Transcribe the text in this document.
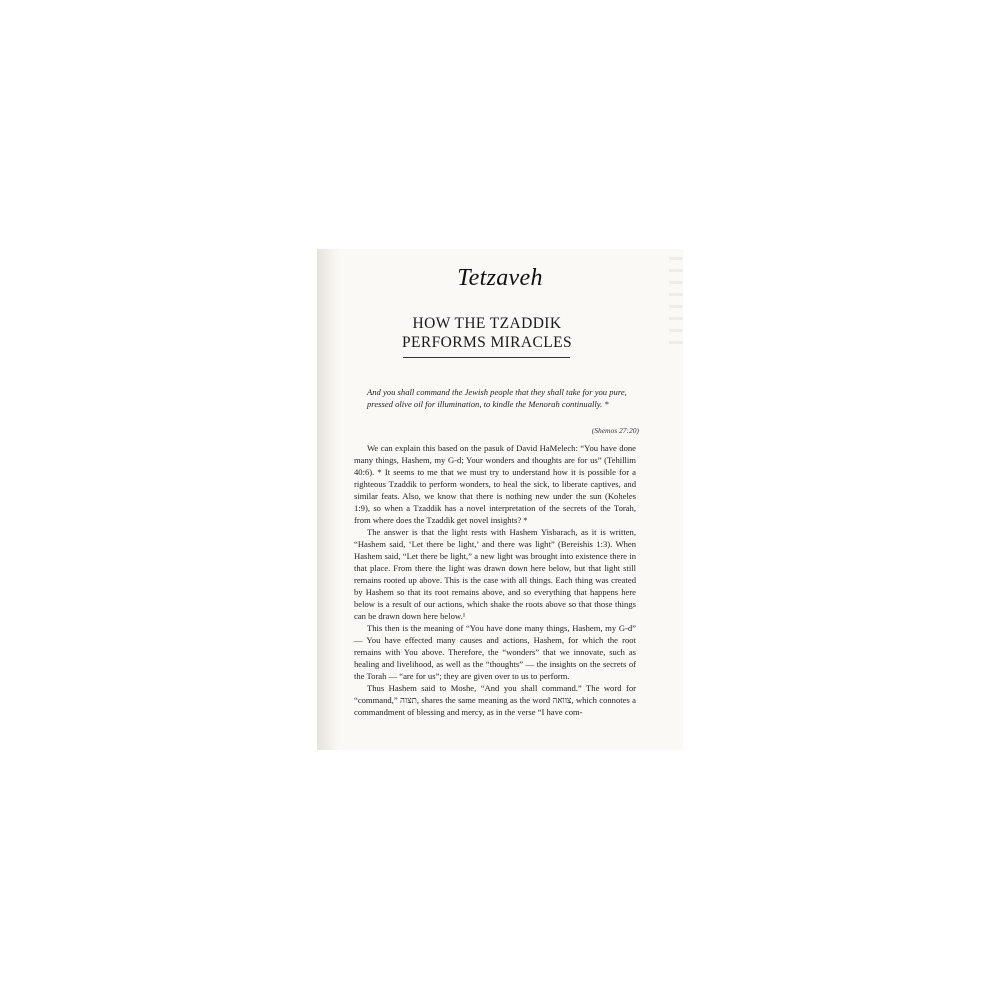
Tetzaveh
HOW THE TZADDIK PERFORMS MIRACLES
And you shall command the Jewish people that they shall take for you pure, pressed olive oil for illumination, to kindle the Menorah continually. *
(Shemos 27:20)

We can explain this based on the pasuk of David HaMelech: “You have done many things, Hashem, my G-d; Your wonders and thoughts are for us” (Tehillim 40:6). * It seems to me that we must try to understand how it is possible for a righteous Tzaddik to perform wonders, to heal the sick, to liberate captives, and similar feats. Also, we know that there is nothing new under the sun (Koheles 1:9), so when a Tzaddik has a novel interpretation of the secrets of the Torah, from where does the Tzaddik get novel insights? *

The answer is that the light rests with Hashem Yisbarach, as it is written, “Hashem said, ‘Let there be light,’ and there was light” (Bereishis 1:3). When Hashem said, “Let there be light,” a new light was brought into existence there in that place. From there the light was drawn down here below, but that light still remains rooted up above. This is the case with all things. Each thing was created by Hashem so that its root remains above, and so everything that happens here below is a result of our actions, which shake the roots above so that those things can be drawn down here below.¹

This then is the meaning of “You have done many things, Hashem, my G-d” — You have effected many causes and actions, Hashem, for which the root remains with You above. Therefore, the “wonders” that we innovate, such as healing and livelihood, as well as the “thoughts” — the insights on the secrets of the Torah — “are for us”; they are given over to us to perform.

Thus Hashem said to Moshe, “And you shall command.” The word for “command,” תצוה, shares the same meaning as the word צוואה, which connotes a commandment of blessing and mercy, as in the verse “I have com-
